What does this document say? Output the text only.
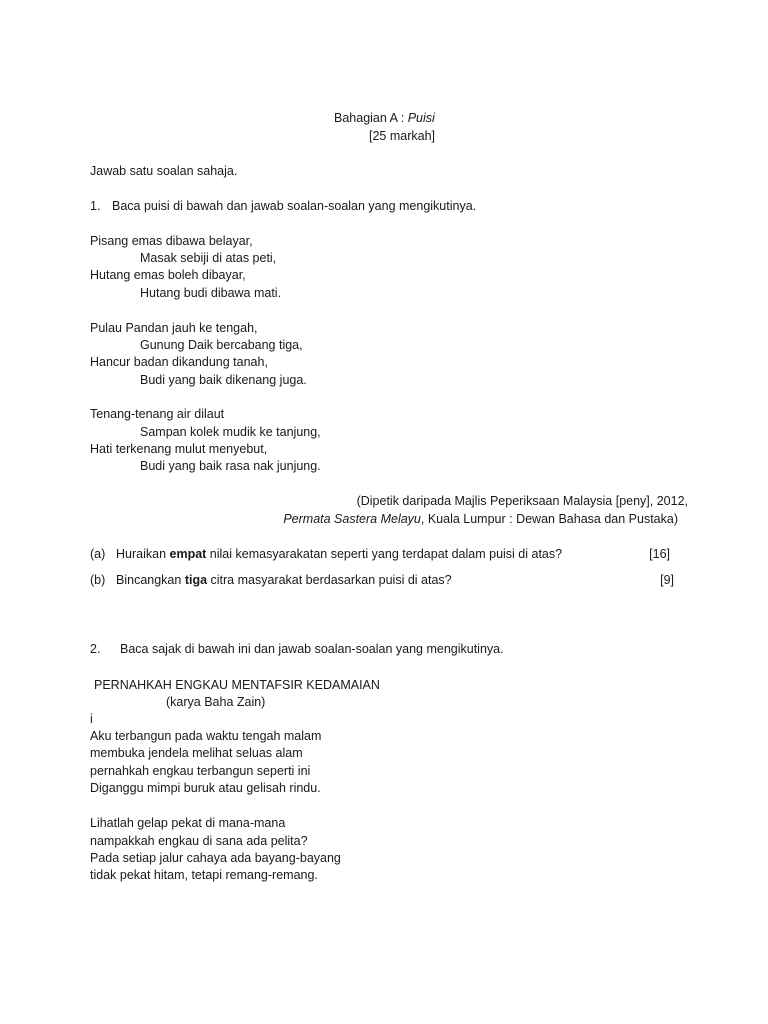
Bahagian A : Puisi
[25 markah]
Jawab satu soalan sahaja.
1. Baca puisi di bawah dan jawab soalan-soalan yang mengikutinya.
Pisang emas dibawa belayar,
Masak sebiji di atas peti,
Hutang emas boleh dibayar,
Hutang budi dibawa mati.
Pulau Pandan jauh ke tengah,
Gunung Daik bercabang tiga,
Hancur badan dikandung tanah,
Budi yang baik dikenang juga.
Tenang-tenang air dilaut
Sampan kolek mudik ke tanjung,
Hati terkenang mulut menyebut,
Budi yang baik rasa nak junjung.
(Dipetik daripada Majlis Peperiksaan Malaysia [peny], 2012,
Permata Sastera Melayu, Kuala Lumpur : Dewan Bahasa dan Pustaka)
(a) Huraikan empat nilai kemasyarakatan seperti yang terdapat dalam puisi di atas?	[16]
(b) Bincangkan tiga citra masyarakat berdasarkan puisi di atas?	[9]
2. Baca sajak di bawah ini dan jawab soalan-soalan yang mengikutinya.
PERNAHKAH ENGKAU MENTAFSIR KEDAMAIAN
(karya Baha Zain)
i
Aku terbangun pada waktu tengah malam
membuka jendela melihat seluas alam
pernahkah engkau terbangun seperti ini
Diganggu mimpi buruk atau gelisah rindu.
Lihatlah gelap pekat di mana-mana
nampakkah engkau di sana ada pelita?
Pada setiap jalur cahaya ada bayang-bayang
tidak pekat hitam, tetapi remang-remang.
